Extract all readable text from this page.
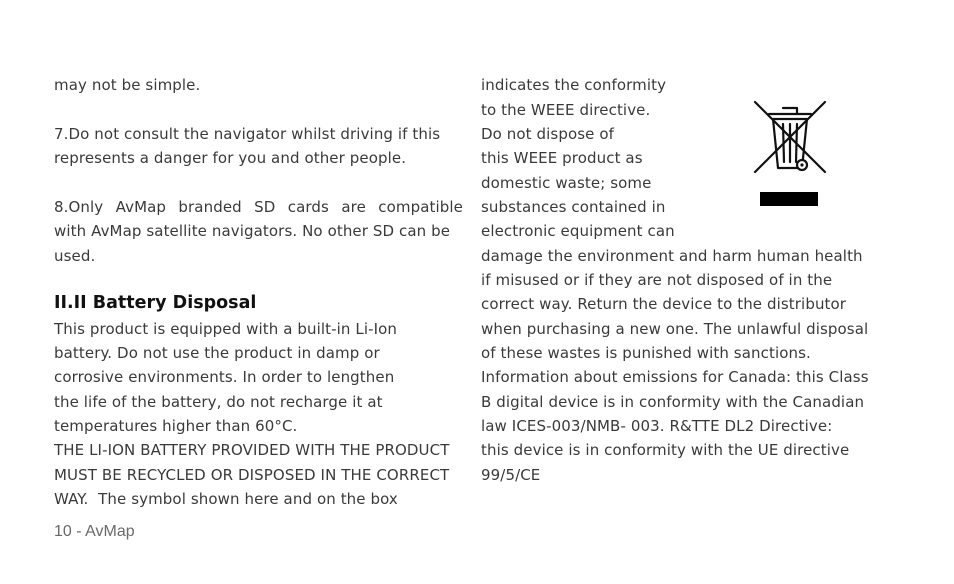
may not be simple.
7.Do not consult the navigator whilst driving if this
represents a danger for you and other people.
8.Only AvMap branded SD cards are compatible
with AvMap satellite navigators. No other SD can be
used.
II.II Battery Disposal
This product is equipped with a built-in Li-Ion
battery. Do not use the product in damp or
corrosive environments. In order to lengthen
the life of the battery, do not recharge it at
temperatures higher than 60°C.
THE LI-ION BATTERY PROVIDED WITH THE PRODUCT
MUST BE RECYCLED OR DISPOSED IN THE CORRECT
WAY.  The symbol shown here and on the box
indicates the conformity
to the WEEE directive.
Do not dispose of
this WEEE product as
domestic waste; some
substances contained in
electronic equipment can
damage the environment and harm human health
if misused or if they are not disposed of in the
correct way. Return the device to the distributor
when purchasing a new one. The unlawful disposal
of these wastes is punished with sanctions.
Information about emissions for Canada: this Class
B digital device is in conformity with the Canadian
law ICES-003/NMB- 003. R&TTE DL2 Directive:
this device is in conformity with the UE directive
99/5/CE
10 - AvMap
